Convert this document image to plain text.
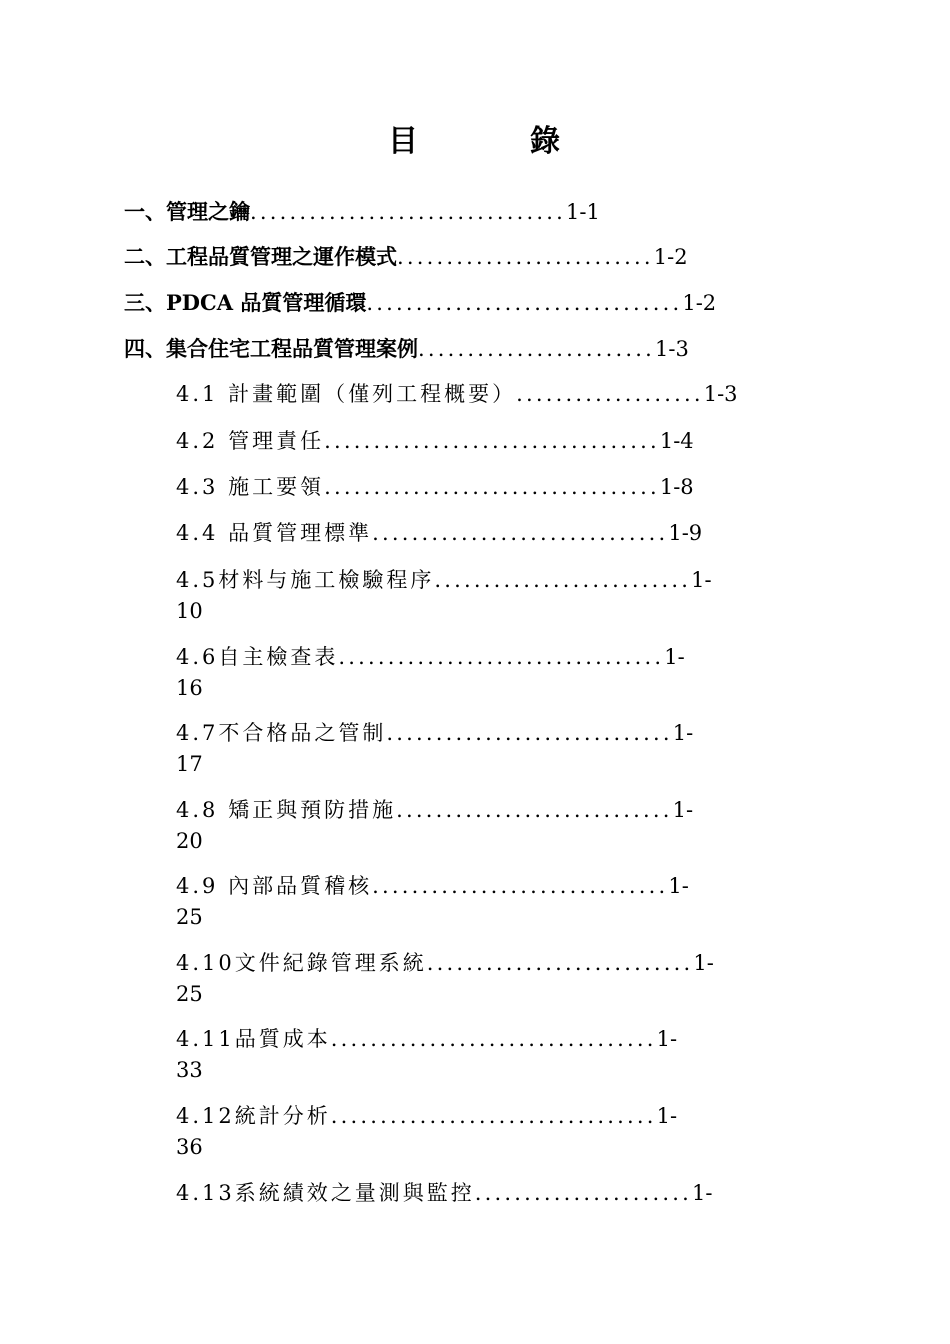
目	錄
一、管理之鑰................................1-1
二、工程品質管理之運作模式..........................1-2
三、PDCA 品質管理循環................................1-2
四、集合住宅工程品質管理案例........................1-3
4.1 計畫範圍（僅列工程概要）...................1-3
4.2 管理責任..................................1-4
4.3 施工要領..................................1-8
4.4 品質管理標準..............................1-9
4.5材料与施工檢驗程序..........................1-
10
4.6自主檢查表.................................1-
16
4.7不合格品之管制.............................1-
17
4.8 矯正與預防措施............................1-
20
4.9 內部品質稽核..............................1-
25
4.10文件紀錄管理系統...........................1-
25
4.11品質成本.................................1-
33
4.12統計分析.................................1-
36
4.13系統績效之量測與監控......................1-
